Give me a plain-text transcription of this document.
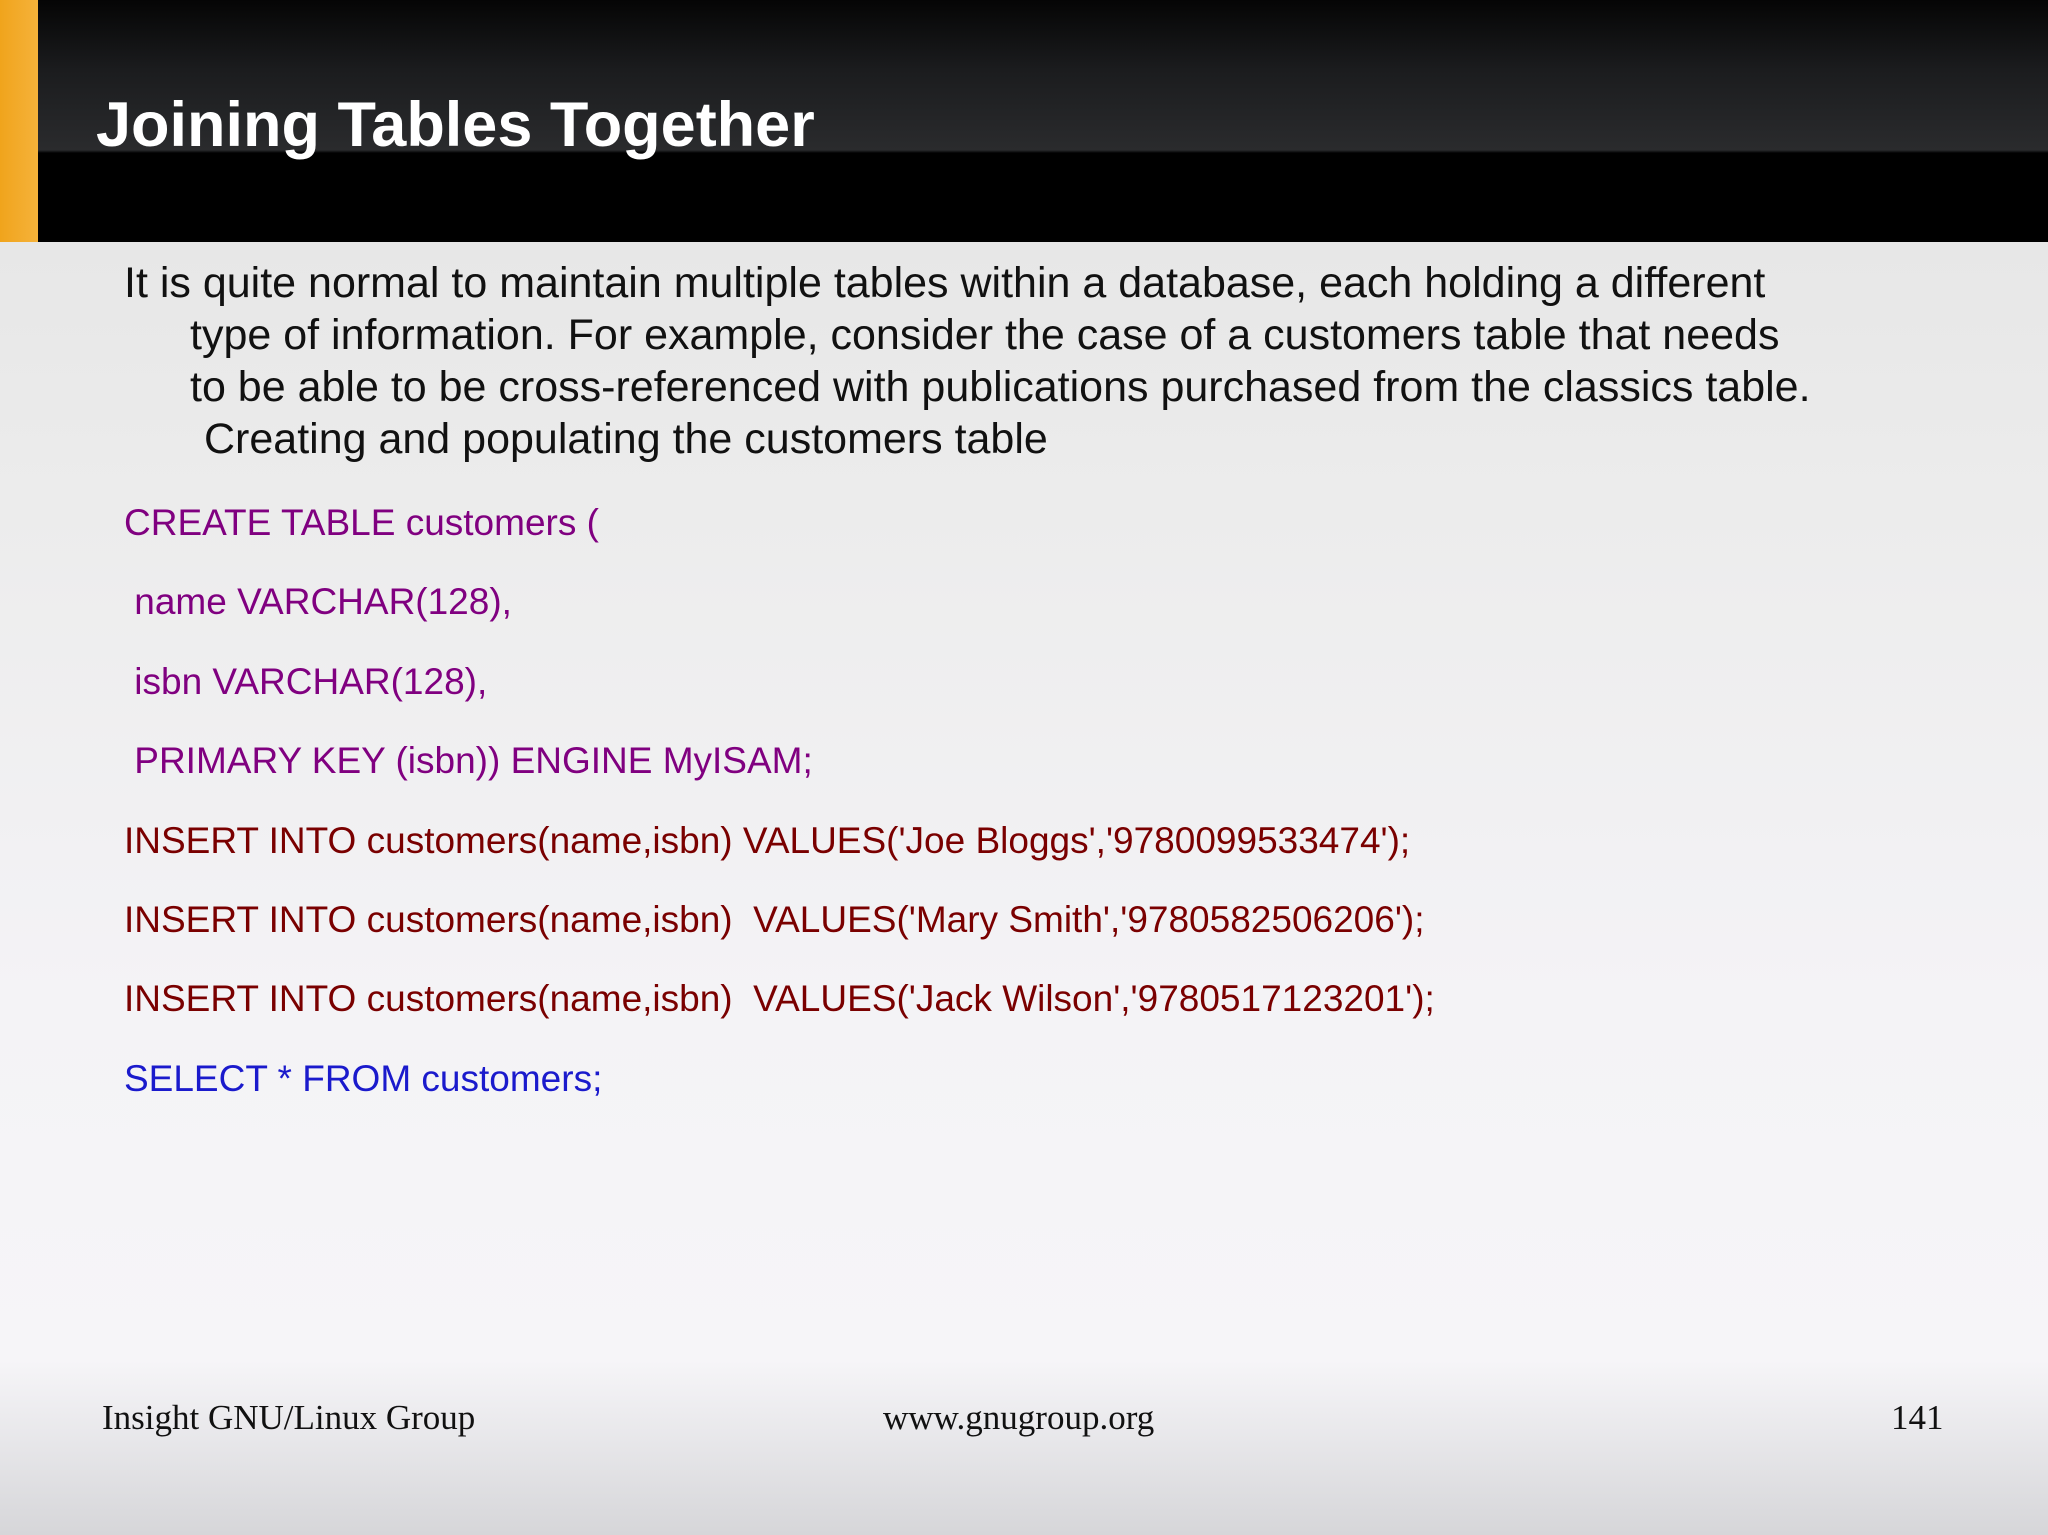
Joining Tables Together
It is quite normal to maintain multiple tables within a database, each holding a different
type of information. For example, consider the case of a customers table that needs
to be able to be cross-referenced with publications purchased from the classics table.
Creating and populating the customers table
CREATE TABLE customers (
name VARCHAR(128),
isbn VARCHAR(128),
PRIMARY KEY (isbn)) ENGINE MyISAM;
INSERT INTO customers(name,isbn) VALUES('Joe Bloggs','9780099533474');
INSERT INTO customers(name,isbn)  VALUES('Mary Smith','9780582506206');
INSERT INTO customers(name,isbn)  VALUES('Jack Wilson','9780517123201');
SELECT * FROM customers;
Insight GNU/Linux Group	www.gnugroup.org	141
